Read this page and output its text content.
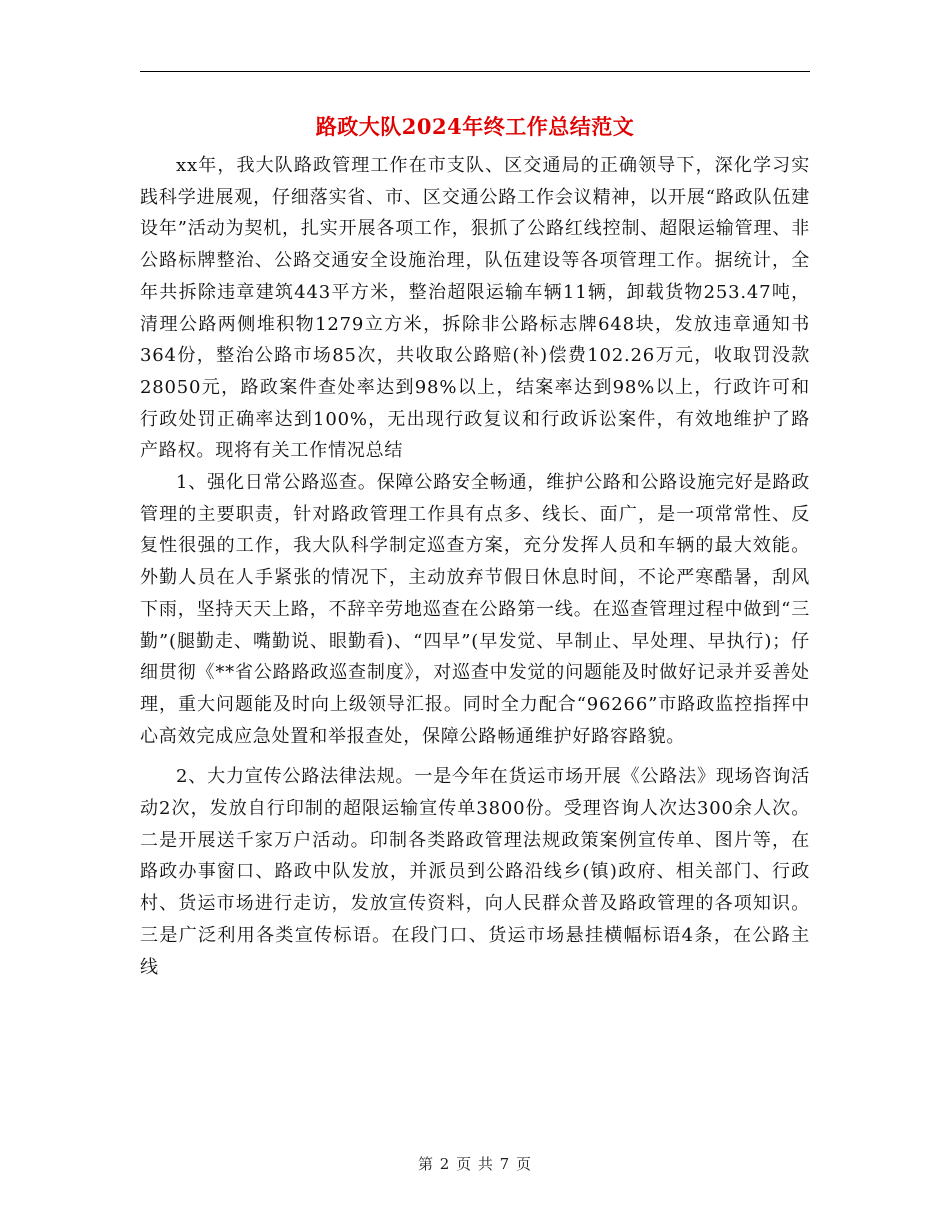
路政大队2024年终工作总结范文

xx年，我大队路政管理工作在市支队、区交通局的正确领导下，深化学习实践科学进展观，仔细落实省、市、区交通公路工作会议精神，以开展“路政队伍建设年”活动为契机，扎实开展各项工作，狠抓了公路红线控制、超限运输管理、非公路标牌整治、公路交通安全设施治理，队伍建设等各项管理工作。据统计，全年共拆除违章建筑443平方米，整治超限运输车辆11辆，卸载货物253.47吨，清理公路两侧堆积物1279立方米，拆除非公路标志牌648块，发放违章通知书364份，整治公路市场85次，共收取公路赔(补)偿费102.26万元，收取罚没款28050元，路政案件查处率达到98%以上，结案率达到98%以上，行政许可和行政处罚正确率达到100%，无出现行政复议和行政诉讼案件，有效地维护了路产路权。现将有关工作情况总结

1、强化日常公路巡查。保障公路安全畅通，维护公路和公路设施完好是路政管理的主要职责，针对路政管理工作具有点多、线长、面广，是一项常常性、反复性很强的工作，我大队科学制定巡查方案，充分发挥人员和车辆的最大效能。外勤人员在人手紧张的情况下，主动放弃节假日休息时间，不论严寒酷暑，刮风下雨，坚持天天上路，不辞辛劳地巡查在公路第一线。在巡查管理过程中做到“三勤”(腿勤走、嘴勤说、眼勤看)、“四早”(早发觉、早制止、早处理、早执行)；仔细贯彻《**省公路路政巡查制度》，对巡查中发觉的问题能及时做好记录并妥善处理，重大问题能及时向上级领导汇报。同时全力配合“96266”市路政监控指挥中心高效完成应急处置和举报查处，保障公路畅通维护好路容路貌。

2、大力宣传公路法律法规。一是今年在货运市场开展《公路法》现场咨询活动2次，发放自行印制的超限运输宣传单3800份。受理咨询人次达300余人次。二是开展送千家万户活动。印制各类路政管理法规政策案例宣传单、图片等，在路政办事窗口、路政中队发放，并派员到公路沿线乡(镇)政府、相关部门、行政村、货运市场进行走访，发放宣传资料，向人民群众普及路政管理的各项知识。三是广泛利用各类宣传标语。在段门口、货运市场悬挂横幅标语4条，在公路主线

第 2 页 共 7 页
